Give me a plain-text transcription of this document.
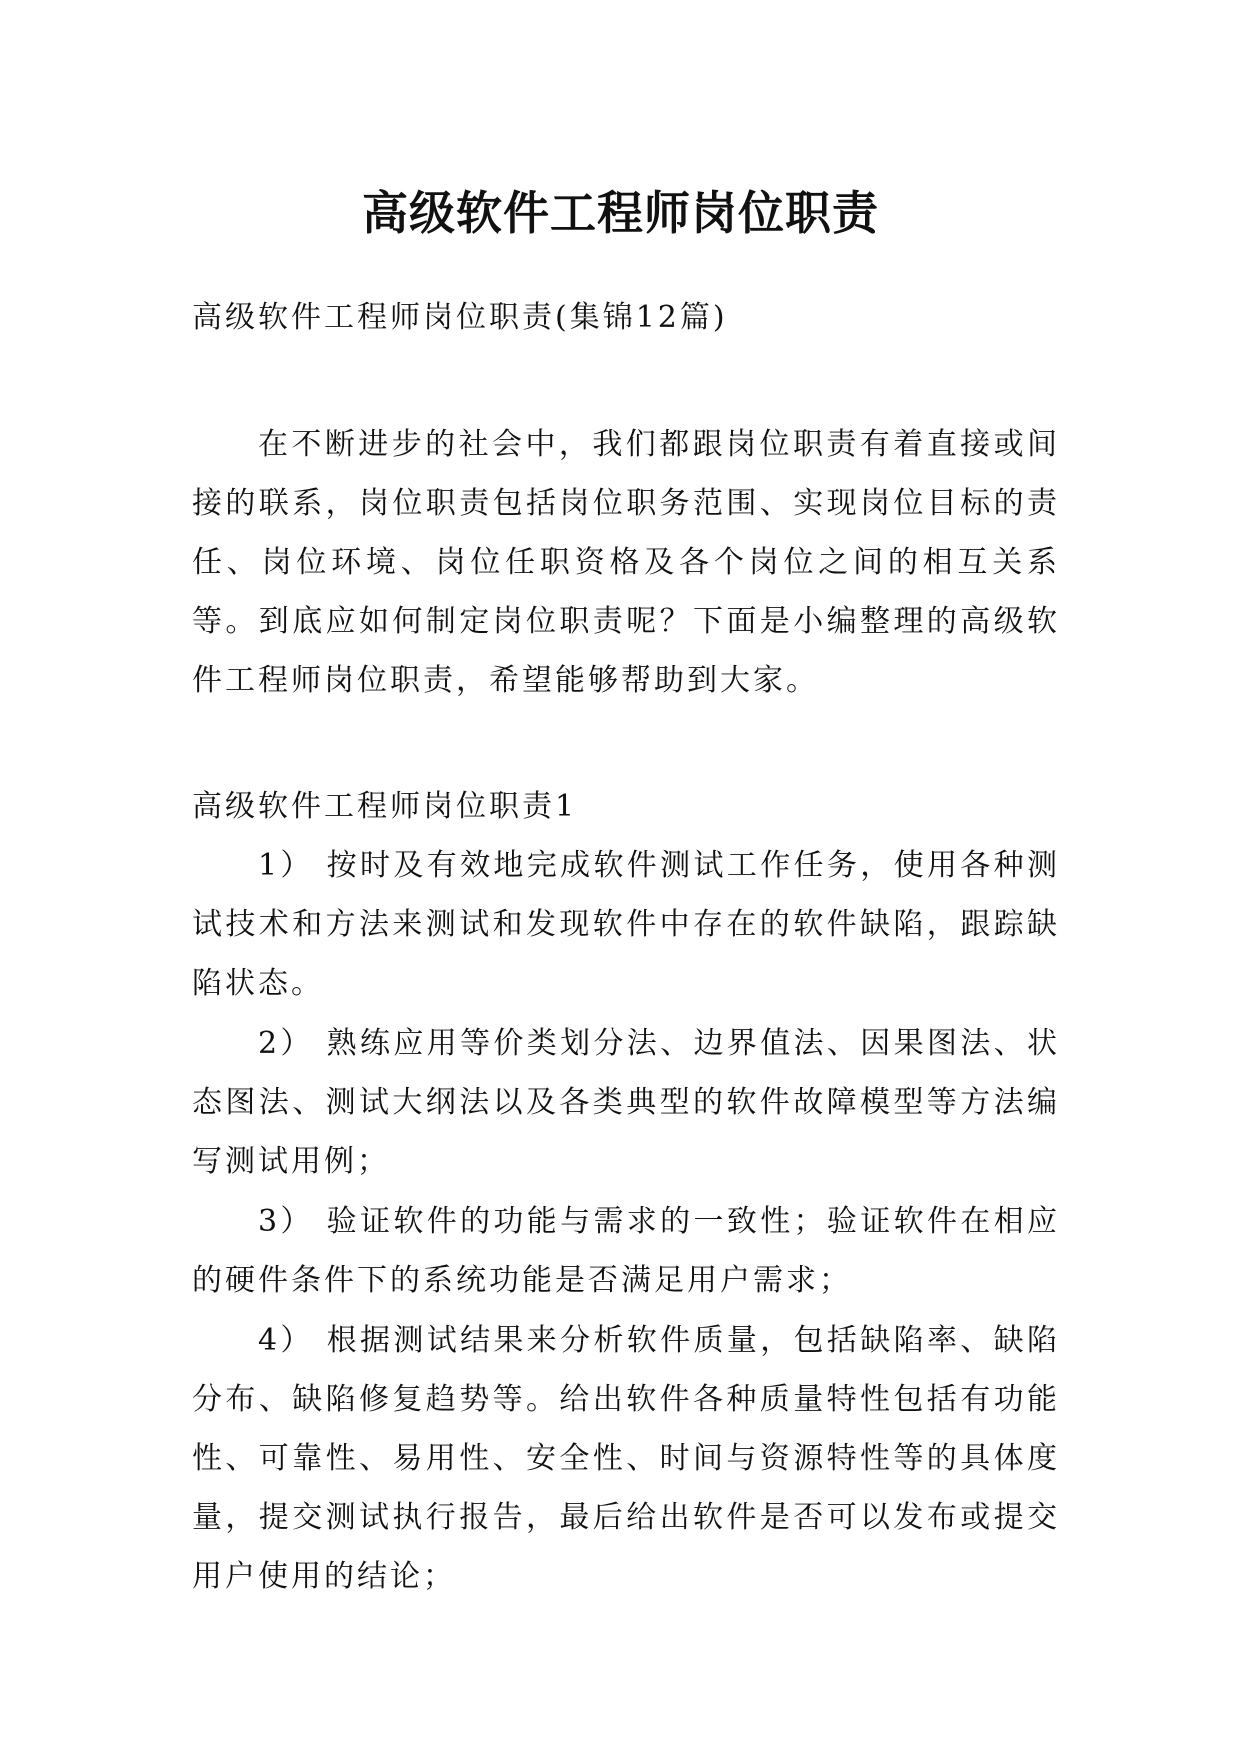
高级软件工程师岗位职责

高级软件工程师岗位职责(集锦12篇)

在不断进步的社会中，我们都跟岗位职责有着直接或间接的联系，岗位职责包括岗位职务范围、实现岗位目标的责任、岗位环境、岗位任职资格及各个岗位之间的相互关系等。到底应如何制定岗位职责呢？下面是小编整理的高级软件工程师岗位职责，希望能够帮助到大家。

高级软件工程师岗位职责1

1） 按时及有效地完成软件测试工作任务，使用各种测试技术和方法来测试和发现软件中存在的软件缺陷，跟踪缺陷状态。

2） 熟练应用等价类划分法、边界值法、因果图法、状态图法、测试大纲法以及各类典型的软件故障模型等方法编写测试用例；

3） 验证软件的功能与需求的一致性；验证软件在相应的硬件条件下的系统功能是否满足用户需求；

4） 根据测试结果来分析软件质量，包括缺陷率、缺陷分布、缺陷修复趋势等。给出软件各种质量特性包括有功能性、可靠性、易用性、安全性、时间与资源特性等的具体度量，提交测试执行报告，最后给出软件是否可以发布或提交用户使用的结论；
